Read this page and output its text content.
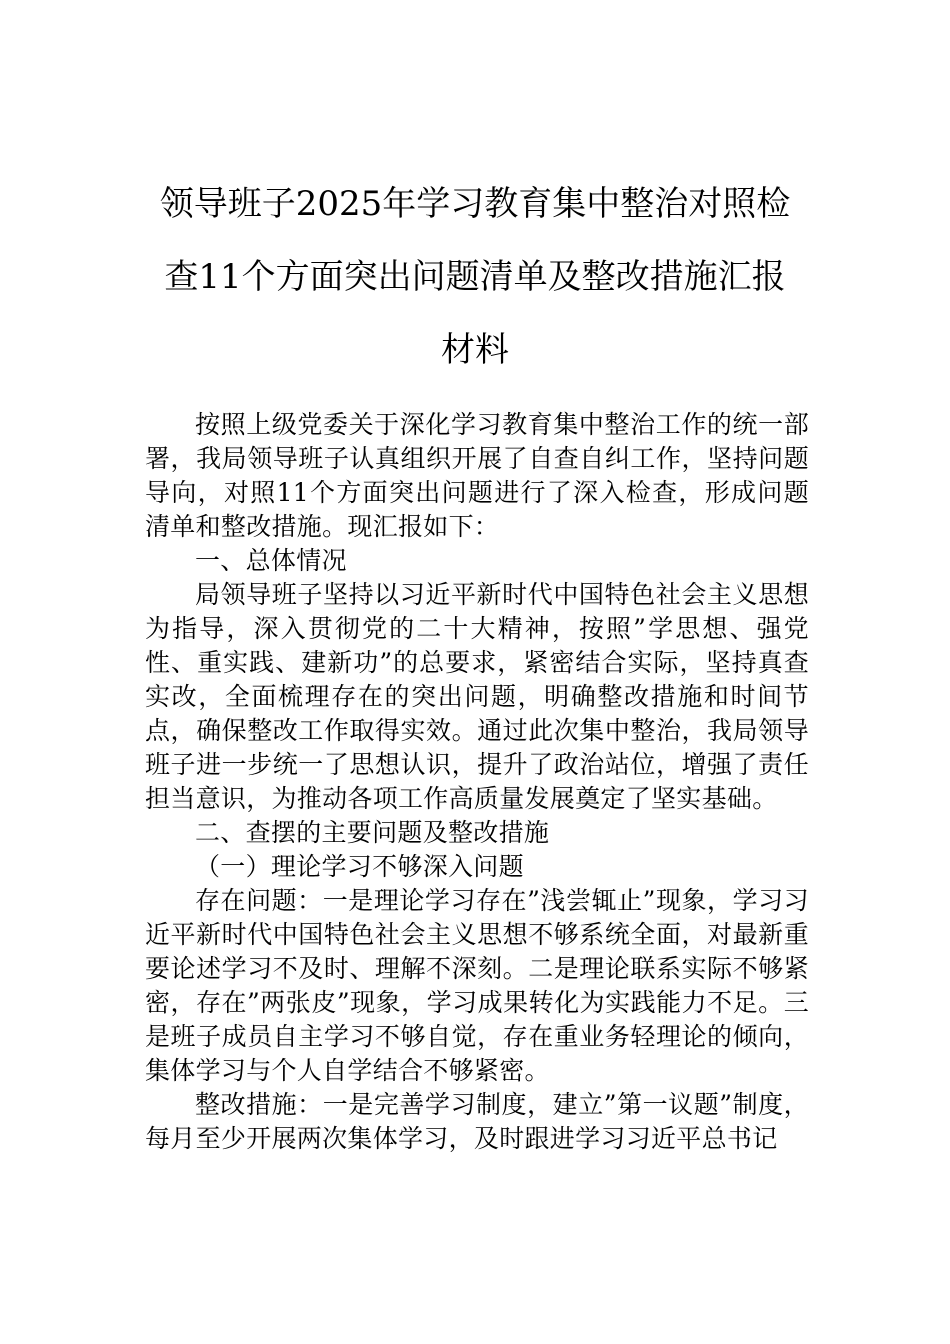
领导班子2025年学习教育集中整治对照检
查11个方面突出问题清单及整改措施汇报
材料

按照上级党委关于深化学习教育集中整治工作的统一部署，我局领导班子认真组织开展了自查自纠工作，坚持问题导向，对照11个方面突出问题进行了深入检查，形成问题清单和整改措施。现汇报如下：

一、总体情况

局领导班子坚持以习近平新时代中国特色社会主义思想为指导，深入贯彻党的二十大精神，按照”学思想、强党性、重实践、建新功”的总要求，紧密结合实际，坚持真查实改，全面梳理存在的突出问题，明确整改措施和时间节点，确保整改工作取得实效。通过此次集中整治，我局领导班子进一步统一了思想认识，提升了政治站位，增强了责任担当意识，为推动各项工作高质量发展奠定了坚实基础。

二、查摆的主要问题及整改措施

（一）理论学习不够深入问题

存在问题：一是理论学习存在”浅尝辄止”现象，学习习近平新时代中国特色社会主义思想不够系统全面，对最新重要论述学习不及时、理解不深刻。二是理论联系实际不够紧密，存在”两张皮”现象，学习成果转化为实践能力不足。三是班子成员自主学习不够自觉，存在重业务轻理论的倾向，集体学习与个人自学结合不够紧密。

整改措施：一是完善学习制度，建立”第一议题”制度，每月至少开展两次集体学习，及时跟进学习习近平总书记
